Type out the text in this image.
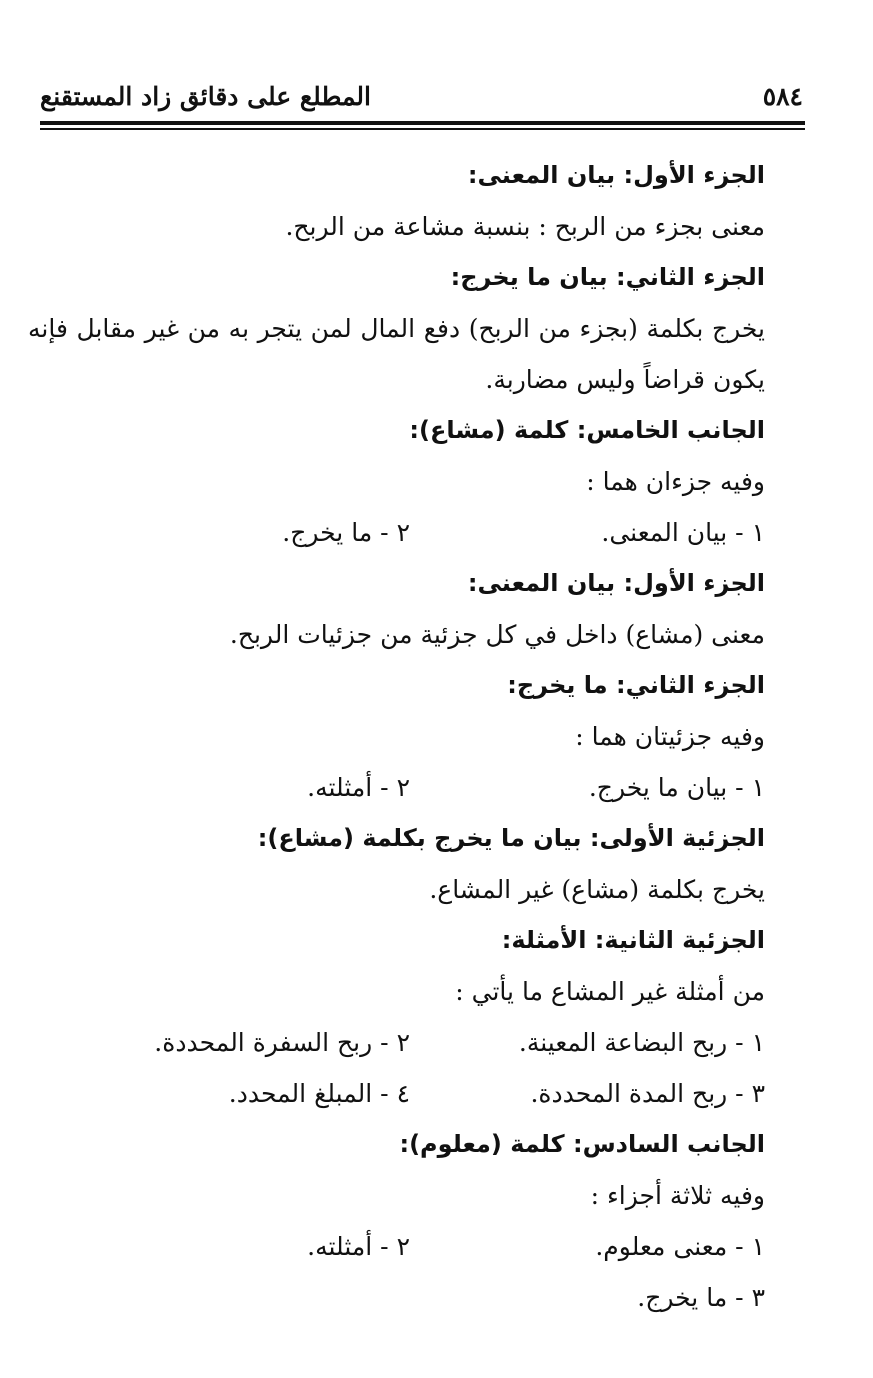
٥٨٤
المطلع على دقائق زاد المستقنع
الجزء الأول: بيان المعنى:
معنى بجزء من الربح : بنسبة مشاعة من الربح.
الجزء الثاني: بيان ما يخرج:
يخرج بكلمة (بجزء من الربح) دفع المال لمن يتجر به من غير مقابل فإنه يكون قراضاً وليس مضاربة.
الجانب الخامس: كلمة (مشاع):
وفيه جزءان هما :
١ - بيان المعنى.
٢ - ما يخرج.
الجزء الأول: بيان المعنى:
معنى (مشاع) داخل في كل جزئية من جزئيات الربح.
الجزء الثاني: ما يخرج:
وفيه جزئيتان هما :
١ - بيان ما يخرج.
٢ - أمثلته.
الجزئية الأولى: بيان ما يخرج بكلمة (مشاع):
يخرج بكلمة (مشاع) غير المشاع.
الجزئية الثانية: الأمثلة:
من أمثلة غير المشاع ما يأتي :
١ - ربح البضاعة المعينة.
٢ - ربح السفرة المحددة.
٣ - ربح المدة المحددة.
٤ - المبلغ المحدد.
الجانب السادس: كلمة (معلوم):
وفيه ثلاثة أجزاء :
١ - معنى معلوم.
٢ - أمثلته.
٣ - ما يخرج.
